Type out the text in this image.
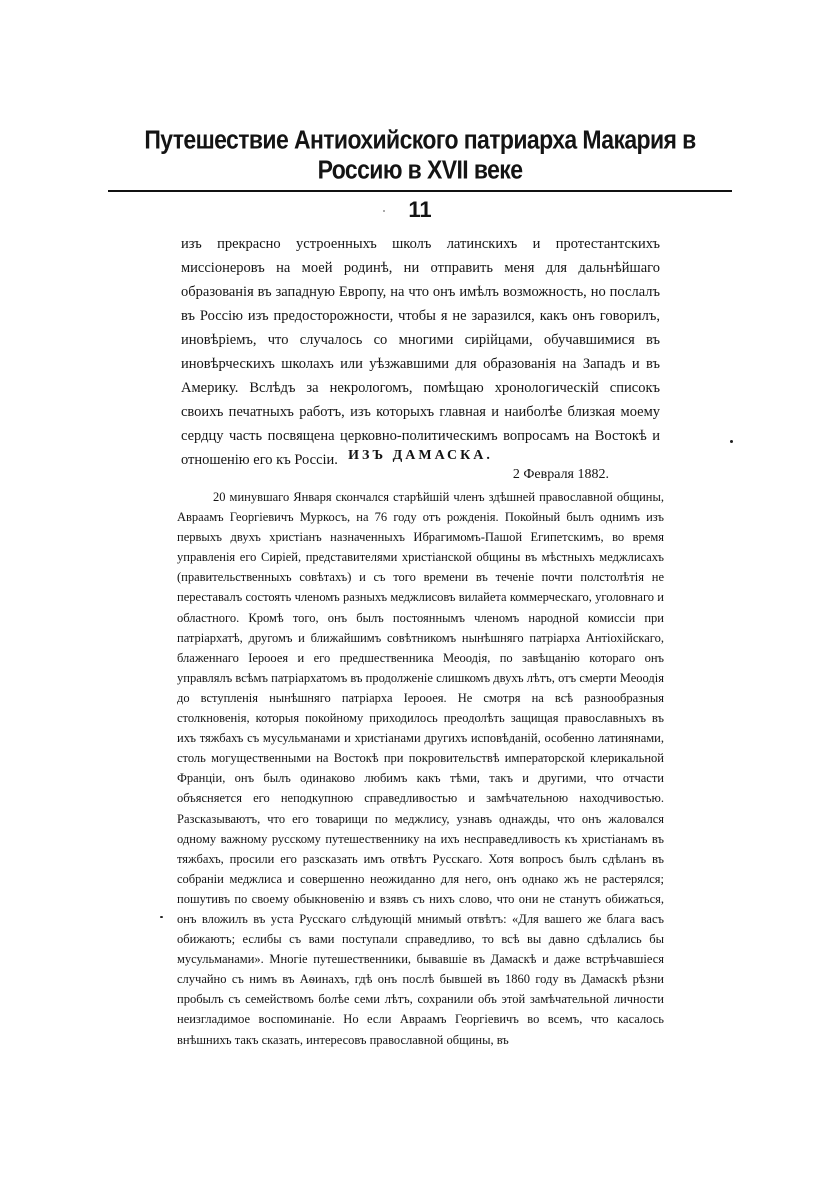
Путешествие Антиохийского патриарха Макария в Россию в XVII веке
11

изъ прекрасно устроенныхъ школъ латинскихъ и протестантскихъ миссіонеровъ на моей родинѣ, ни отправить меня для дальнѣйшаго образованія въ западную Европу, на что онъ имѣлъ возможность, но послалъ въ Россію изъ предосторожности, чтобы я не заразился, какъ онъ говорилъ, иновѣріемъ, что случалось со многими сирійцами, обучавшимися въ иновѣрческихъ школахъ или уѣзжавшими для образованія на Западъ и въ Америку. Вслѣдъ за некрологомъ, помѣщаю хронологическій списокъ своихъ печатныхъ работъ, изъ которыхъ главная и наиболѣе близкая моему сердцу часть посвящена церковно-политическимъ вопросамъ на Востокѣ и отношенію его къ Россіи. ИЗЪ ДАМАСКА.

2 Февраля 1882.

20 минувшаго Января скончался старѣйшій членъ здѣшней православной общины, Авраамъ Георгіевичъ Муркосъ, на 76 году отъ рожденія. Покойный былъ однимъ изъ первыхъ двухъ христіанъ назначенныхъ Ибрагимомъ-Пашой Египетскимъ, во время управленія его Сиріей, представителями христіанской общины въ мѣстныхъ меджлисахъ (правительственныхъ совѣтахъ) и съ того времени въ теченіе почти полстолѣтія не переставалъ состоять членомъ разныхъ меджлисовъ вилайета коммерческаго, уголовнаго и областного. Кромѣ того, онъ былъ постояннымъ членомъ народной комиссіи при патріархатѣ, другомъ и ближайшимъ совѣтникомъ нынѣшняго патріарха Антіохійскаго, блаженнаго Іерооея и его предшественника Меоодія, по завѣщанію котораго онъ управлялъ всѣмъ патріархатомъ въ продолженіе слишкомъ двухъ лѣтъ, отъ смерти Меоодія до вступленія нынѣшняго патріарха Іерооея. Не смотря на всѣ разнообразныя столкновенія, которыя покойному приходилось преодолѣть защищая православныхъ въ ихъ тяжбахъ съ мусульманами и христіанами другихъ исповѣданій, особенно латинянами, столь могущественными на Востокѣ при покровительствѣ императорской клерикальной Франціи, онъ былъ одинаково любимъ какъ тѣми, такъ и другими, что отчасти объясняется его неподкупною справедливостью и замѣчательною находчивостью. Разсказываютъ, что его товарищи по меджлису, узнавъ однажды, что онъ жаловался одному важному русскому путешественнику на ихъ несправедливость къ христіанамъ въ тяжбахъ, просили его разсказать имъ отвѣтъ Русскаго. Хотя вопросъ былъ сдѣланъ въ собраніи меджлиса и совершенно неожиданно для него, онъ однако жъ не растерялся; пошутивъ по своему обыкновенію и взявъ съ нихъ слово, что они не станутъ обижаться, онъ вложилъ въ уста Русскаго слѣдующій мнимый отвѣтъ: «Для вашего же блага васъ обижаютъ; еслибы съ вами поступали справедливо, то всѣ вы давно сдѣлались бы мусульманами». Многіе путешественники, бывавшіе въ Дамаскѣ и даже встрѣчавшіеся случайно съ нимъ въ Аѳинахъ, гдѣ онъ послѣ бывшей въ 1860 году въ Дамаскѣ рѣзни пробылъ съ семействомъ болѣе семи лѣтъ, сохранили объ этой замѣчательной личности неизгладимое воспоминаніе. Но если Авраамъ Георгіевичъ во всемъ, что касалось внѣшнихъ такъ сказать, интересовъ православной общины, въ
